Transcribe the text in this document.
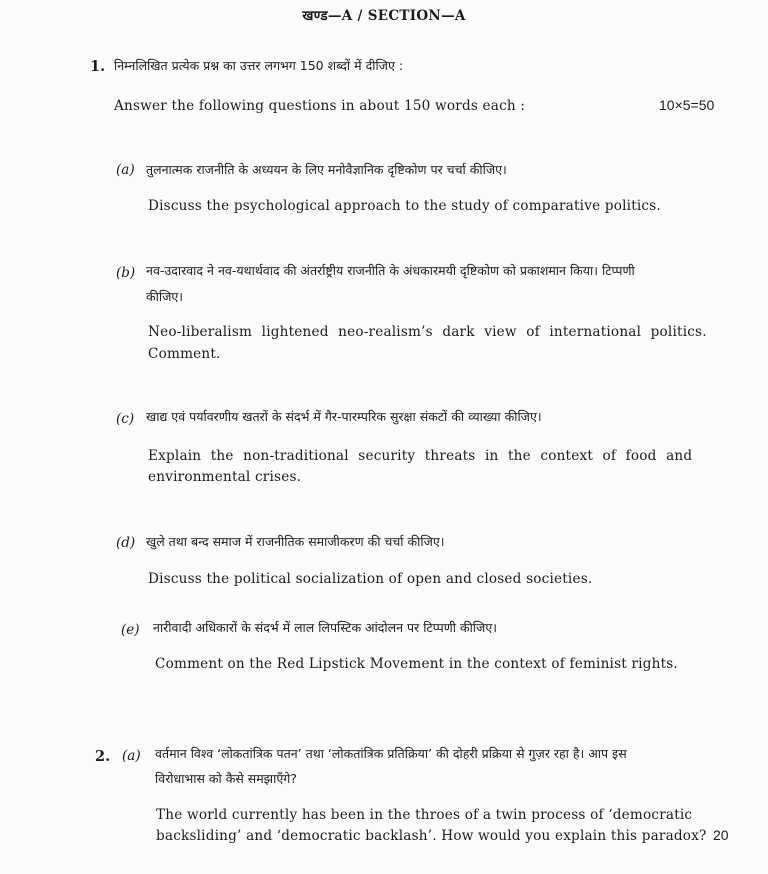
खण्ड—A / SECTION—A
1. निम्नलिखित प्रत्येक प्रश्न का उत्तर लगभग 150 शब्दों में दीजिए :
Answer the following questions in about 150 words each :	10×5=50
(a) तुलनात्मक राजनीति के अध्ययन के लिए मनोवैज्ञानिक दृष्टिकोण पर चर्चा कीजिए।
Discuss the psychological approach to the study of comparative politics.
(b) नव-उदारवाद ने नव-यथार्थवाद की अंतर्राष्ट्रीय राजनीति के अंधकारमयी दृष्टिकोण को प्रकाशमान किया। टिप्पणी
कीजिए।
Neo-liberalism lightened neo-realism’s dark view of international politics.
Comment.
(c) खाद्य एवं पर्यावरणीय खतरों के संदर्भ में गैर-पारम्परिक सुरक्षा संकटों की व्याख्या कीजिए।
Explain the non-traditional security threats in the context of food and
environmental crises.
(d) खुले तथा बन्द समाज में राजनीतिक समाजीकरण की चर्चा कीजिए।
Discuss the political socialization of open and closed societies.
(e) नारीवादी अधिकारों के संदर्भ में लाल लिपस्टिक आंदोलन पर टिप्पणी कीजिए।
Comment on the Red Lipstick Movement in the context of feminist rights.
2. (a) वर्तमान विश्व ‘लोकतांत्रिक पतन’ तथा ‘लोकतांत्रिक प्रतिक्रिया’ की दोहरी प्रक्रिया से गुज़र रहा है। आप इस
विरोधाभास को कैसे समझाएँगे?
The world currently has been in the throes of a twin process of ‘democratic
backsliding’ and ‘democratic backlash’. How would you explain this paradox? 20
